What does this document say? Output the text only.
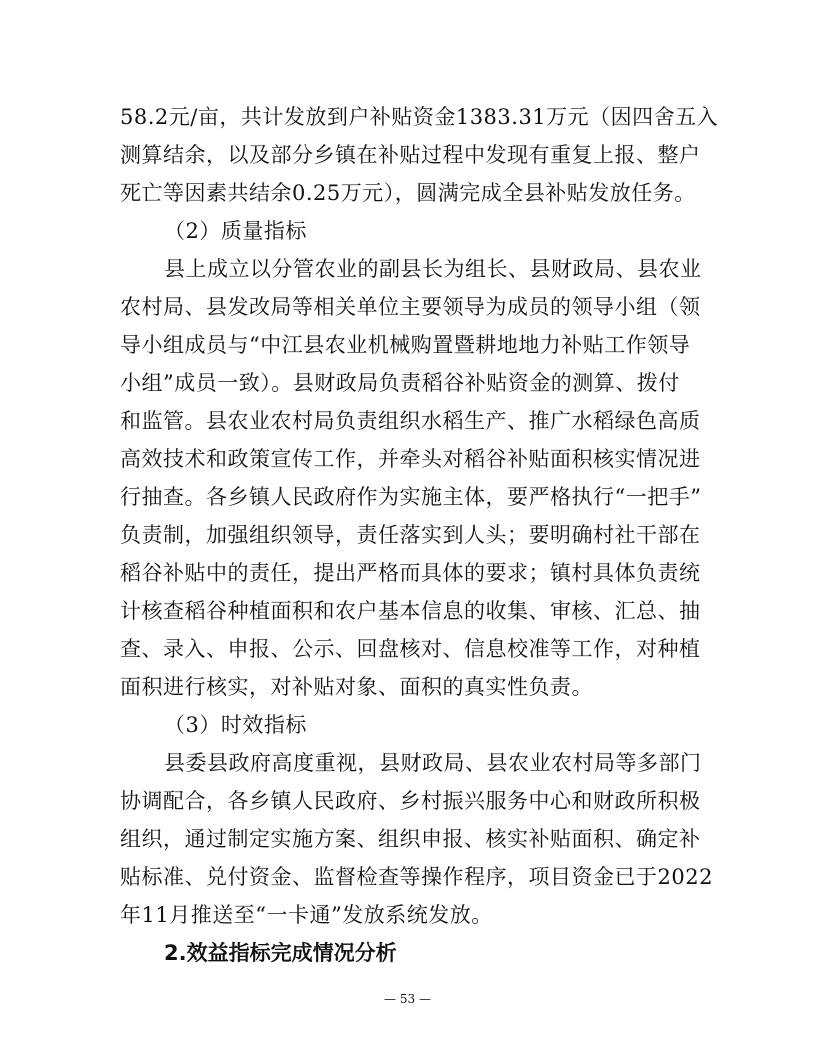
58.2元/亩，共计发放到户补贴资金1383.31万元（因四舍五入
测算结余，以及部分乡镇在补贴过程中发现有重复上报、整户
死亡等因素共结余0.25万元），圆满完成全县补贴发放任务。
（2）质量指标
县上成立以分管农业的副县长为组长、县财政局、县农业
农村局、县发改局等相关单位主要领导为成员的领导小组（领
导小组成员与“中江县农业机械购置暨耕地地力补贴工作领导
小组”成员一致）。县财政局负责稻谷补贴资金的测算、拨付
和监管。县农业农村局负责组织水稻生产、推广水稻绿色高质
高效技术和政策宣传工作，并牵头对稻谷补贴面积核实情况进
行抽查。各乡镇人民政府作为实施主体，要严格执行“一把手”
负责制，加强组织领导，责任落实到人头；要明确村社干部在
稻谷补贴中的责任，提出严格而具体的要求；镇村具体负责统
计核查稻谷种植面积和农户基本信息的收集、审核、汇总、抽
查、录入、申报、公示、回盘核对、信息校准等工作，对种植
面积进行核实，对补贴对象、面积的真实性负责。
（3）时效指标
县委县政府高度重视，县财政局、县农业农村局等多部门
协调配合，各乡镇人民政府、乡村振兴服务中心和财政所积极
组织，通过制定实施方案、组织申报、核实补贴面积、确定补
贴标准、兑付资金、监督检查等操作程序，项目资金已于2022
年11月推送至“一卡通”发放系统发放。
2.效益指标完成情况分析
— 53 —
